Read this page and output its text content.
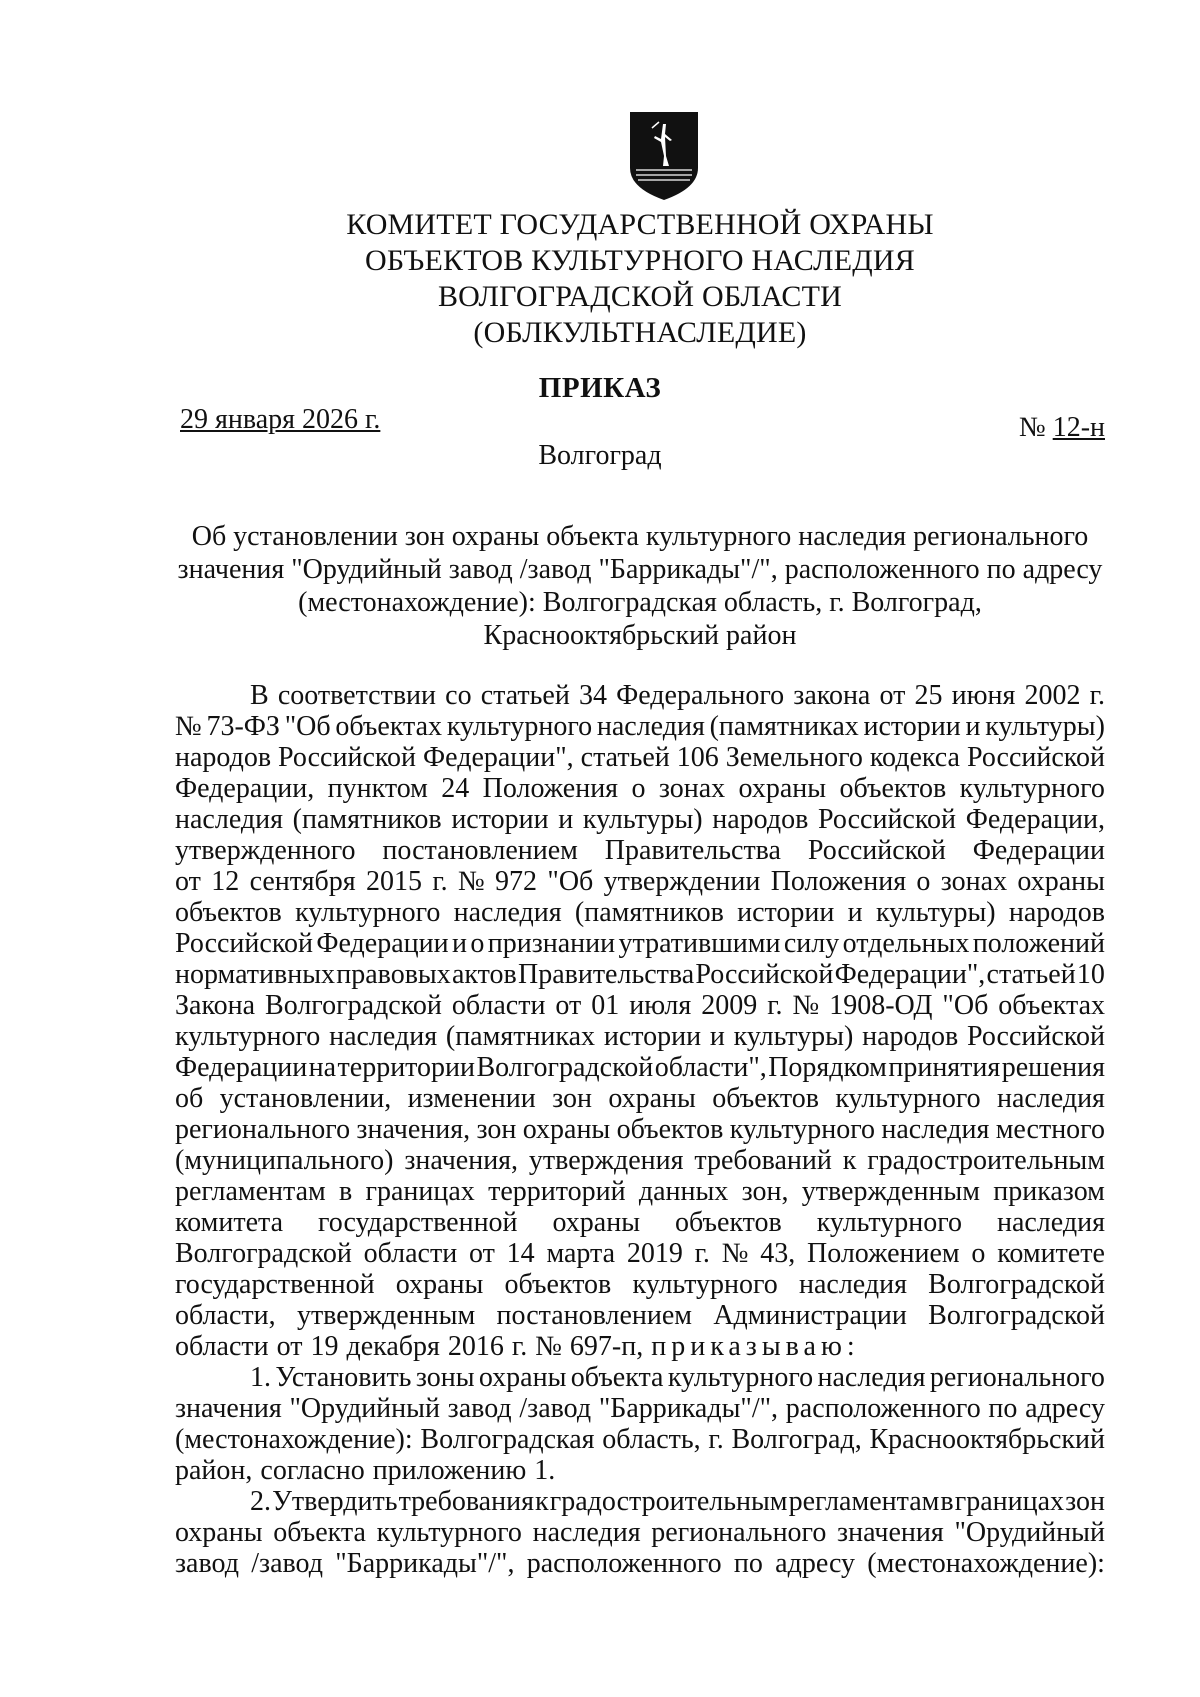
КОМИТЕТ ГОСУДАРСТВЕННОЙ ОХРАНЫ
ОБЪЕКТОВ КУЛЬТУРНОГО НАСЛЕДИЯ
ВОЛГОГРАДСКОЙ ОБЛАСТИ
(ОБЛКУЛЬТНАСЛЕДИЕ)
ПРИКАЗ
29 января 2026 г.	№ 12-н
Волгоград
Об установлении зон охраны объекта культурного наследия регионального
значения "Орудийный завод /завод "Баррикады"/", расположенного по адресу
(местонахождение): Волгоградская область, г. Волгоград,
Краснооктябрьский район
В соответствии со статьей 34 Федерального закона от 25 июня 2002 г.
№ 73-ФЗ "Об объектах культурного наследия (памятниках истории и культуры)
народов Российской Федерации", статьей 106 Земельного кодекса Российской
Федерации, пунктом 24 Положения о зонах охраны объектов культурного
наследия (памятников истории и культуры) народов Российской Федерации,
утвержденного постановлением Правительства Российской Федерации
от 12 сентября 2015 г. № 972 "Об утверждении Положения о зонах охраны
объектов культурного наследия (памятников истории и культуры) народов
Российской Федерации и о признании утратившими силу отдельных положений
нормативных правовых актов Правительства Российской Федерации", статьей 10
Закона Волгоградской области от 01 июля 2009 г. № 1908-ОД "Об объектах
культурного наследия (памятниках истории и культуры) народов Российской
Федерации на территории Волгоградской области", Порядком принятия решения
об установлении, изменении зон охраны объектов культурного наследия
регионального значения, зон охраны объектов культурного наследия местного
(муниципального) значения, утверждения требований к градостроительным
регламентам в границах территорий данных зон, утвержденным приказом
комитета государственной охраны объектов культурного наследия
Волгоградской области от 14 марта 2019 г. № 43, Положением о комитете
государственной охраны объектов культурного наследия Волгоградской
области, утвержденным постановлением Администрации Волгоградской
области от 19 декабря 2016 г. № 697-п, приказываю:
1. Установить зоны охраны объекта культурного наследия регионального
значения "Орудийный завод /завод "Баррикады"/", расположенного по адресу
(местонахождение): Волгоградская область, г. Волгоград, Краснооктябрьский
район, согласно приложению 1.
2. Утвердить требования к градостроительным регламентам в границах зон
охраны объекта культурного наследия регионального значения "Орудийный
завод /завод "Баррикады"/", расположенного по адресу (местонахождение):
